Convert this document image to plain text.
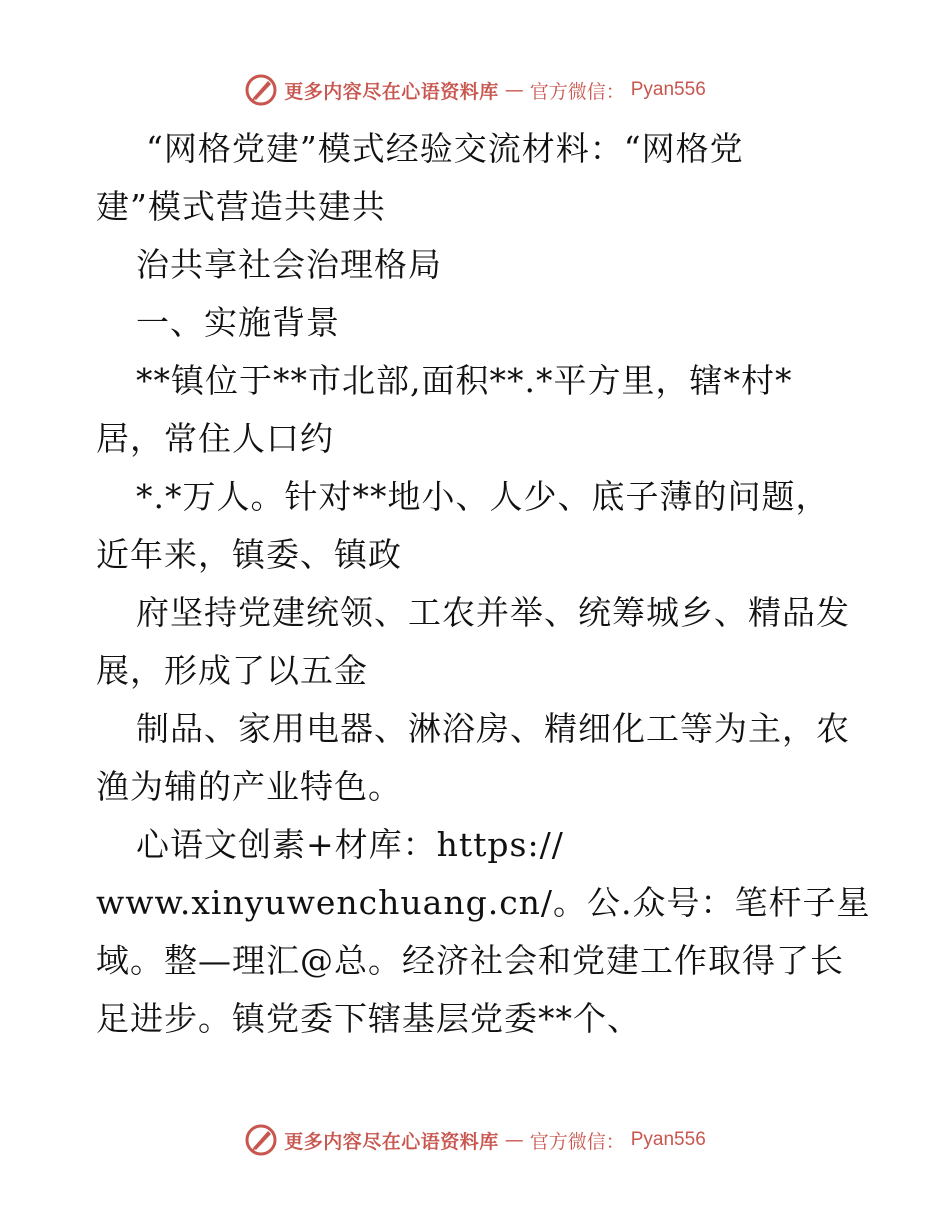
更多内容尽在心语资料库 — 官方微信： Pyan556
“网格党建”模式经验交流材料：“网格党
建”模式营造共建共
治共享社会治理格局
一、实施背景
**镇位于**市北部,面积**.*平方里，辖*村*
居，常住人口约
*.*万人。针对**地小、人少、底子薄的问题，
近年来，镇委、镇政
府坚持党建统领、工农并举、统筹城乡、精品发
展，形成了以五金
制品、家用电器、淋浴房、精细化工等为主，农
渔为辅的产业特色。
心语文创素+材库：https://
www.xinyuwenchuang.cn/。公.众号：笔杆子星
域。整—理汇@总。经济社会和党建工作取得了长
足进步。镇党委下辖基层党委**个、
更多内容尽在心语资料库 — 官方微信： Pyan556
